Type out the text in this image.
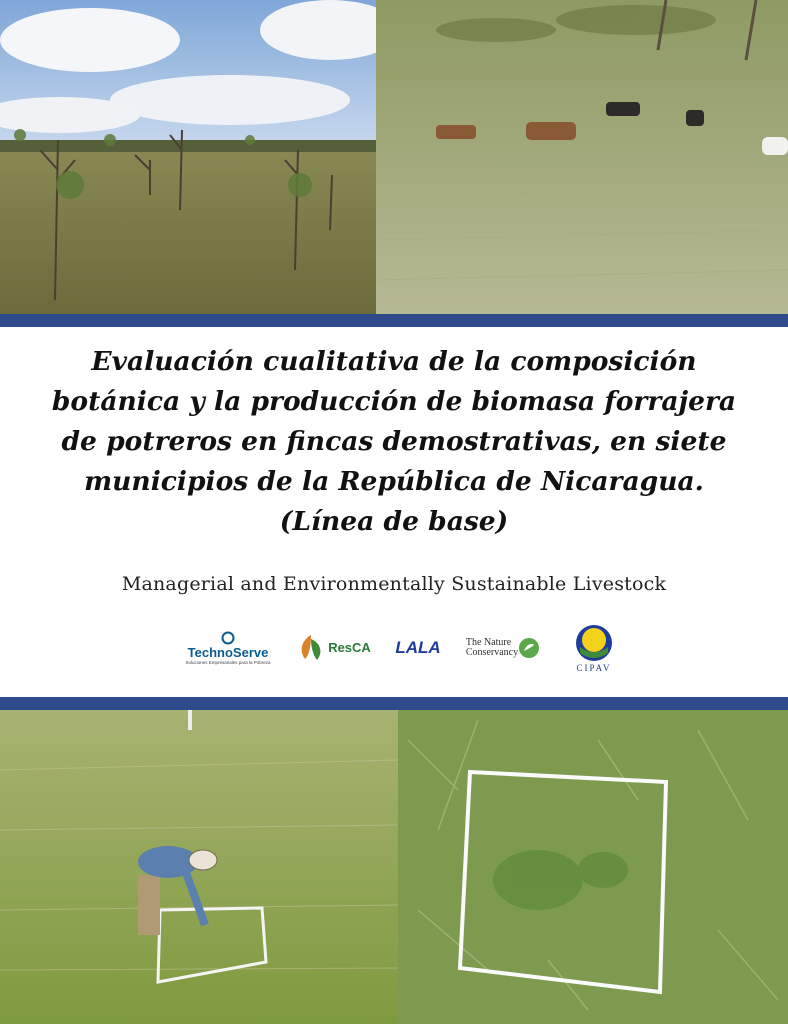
Evaluación cualitativa de la composición
botánica y la producción de biomasa forrajera
de potreros en fincas demostrativas, en siete
municipios de la República de Nicaragua.
(Línea de base)
Managerial and Environmentally Sustainable Livestock
TechnoServe
Soluciones Empresariales para la Pobreza
ResCA LALA	The Nature
Conservancy
CIPAV
